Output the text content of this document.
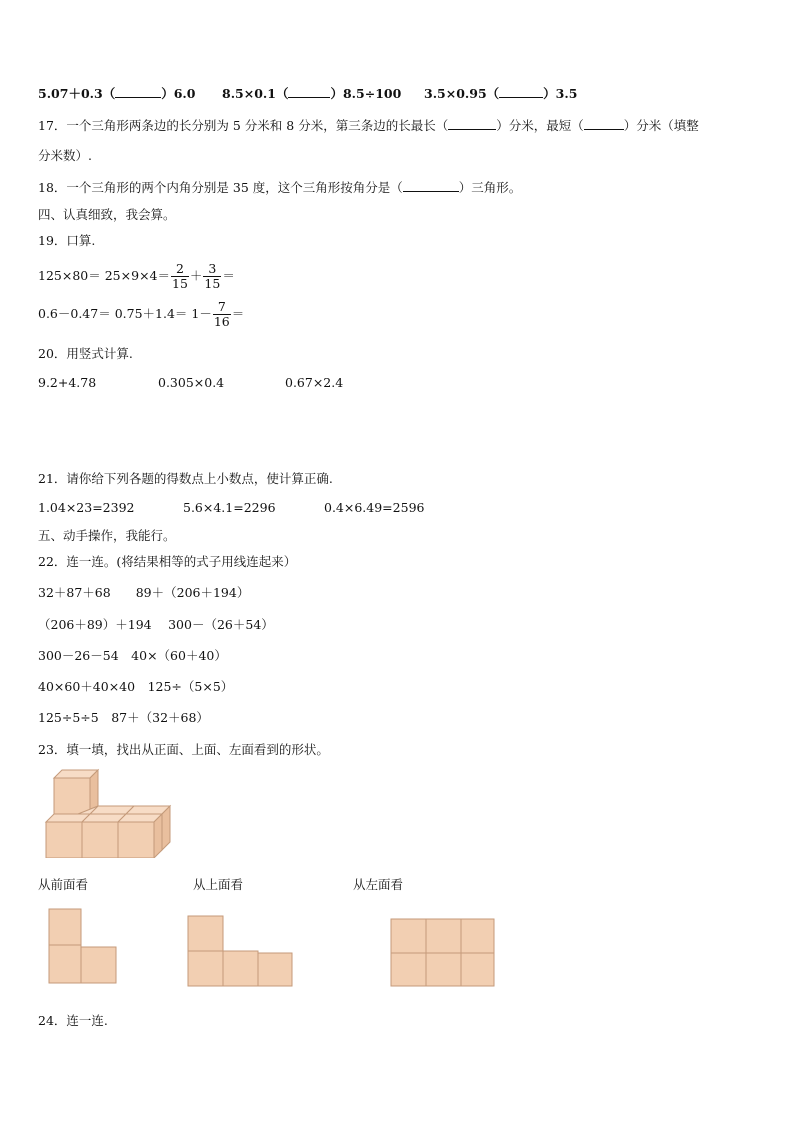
5.07＋0.3（	）6.0 8.5×0.1（	）8.5÷100 3.5×0.95（	）3.5
17．一个三角形两条边的长分别为 5 分米和 8 分米，第三条边的长最长（	）分米，最短（	）分米（填整
分米数）.
18．一个三角形的两个内角分别是 35 度，这个三角形按角分是（	）三角形。
四、认真细致，我会算。
19．口算.
$125\times 80= 25\times 9\times 4= \frac{2}{15} + \frac{3}{15}$ ＝
$0.6-0.47= 0.75+1.4= 1- \frac{7}{16}$ ＝
20．用竖式计算.
9.2+4.78	0.305×0.4	0.67×2.4
21．请你给下列各题的得数点上小数点，使计算正确.
1.04×23=2392	5.6×4.1=2296	0.4×6.49=2596
五、动手操作，我能行。
22．连一连。(将结果相等的式子用线连起来）
32＋87＋68　　89＋（206＋194）
（206＋89）＋194　 300－（26＋54）
300－26－54　40×（60＋40）
40×60＋40×40　125÷（5×5）
125÷5÷5　87＋（32＋68）
23．填一填，找出从正面、上面、左面看到的形状。
从前面看	从上面看	从左面看
24．连一连.
